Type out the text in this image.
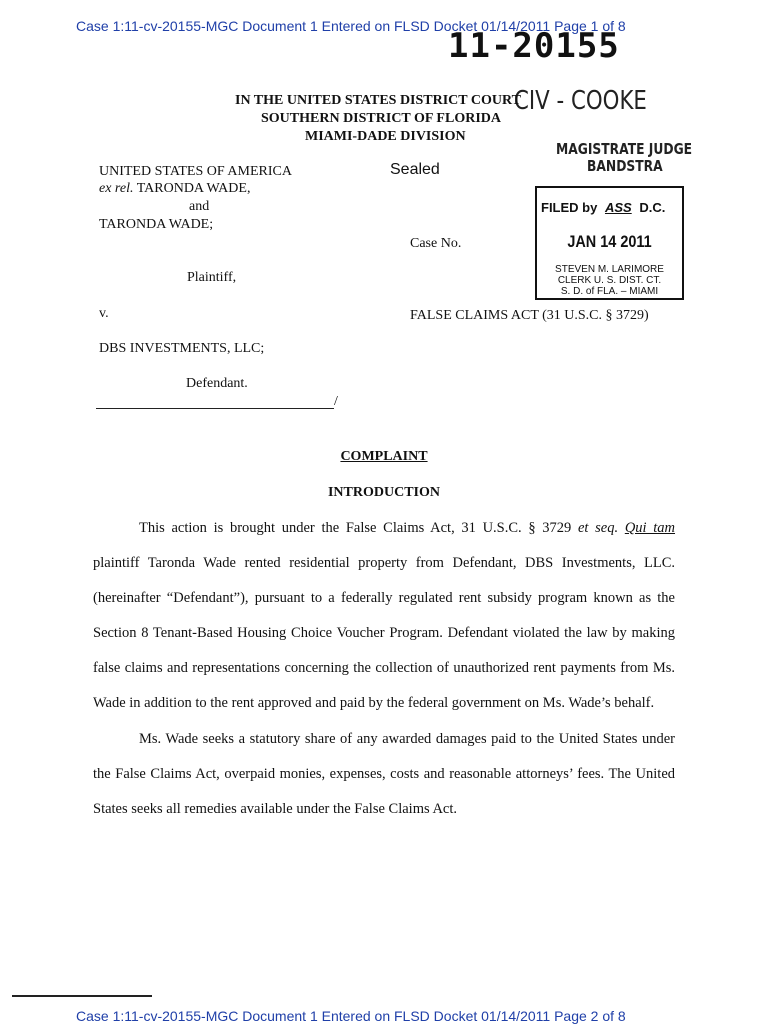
Case 1:11-cv-20155-MGC Document 1 Entered on FLSD Docket 01/14/2011 Page 1 of 8
11-20155
CIV - COOKE
MAGISTRATE JUDGE
BANDSTRA
IN THE UNITED STATES DISTRICT COURT
SOUTHERN DISTRICT OF FLORIDA
MIAMI-DADE DIVISION
UNITED STATES OF AMERICA
ex rel. TARONDA WADE,
and
TARONDA WADE;
Plaintiff,
v.
DBS INVESTMENTS, LLC;
Defendant.
/
Sealed
Case No.
FALSE CLAIMS ACT (31 U.S.C. § 3729)
FILED by ASS D.C.
JAN 14 2011
STEVEN M. LARIMORE
CLERK U. S. DIST. CT.
S. D. of FLA. – MIAMI
COMPLAINT
INTRODUCTION

This action is brought under the False Claims Act, 31 U.S.C. § 3729 et seq. Qui tam plaintiff Taronda Wade rented residential property from Defendant, DBS Investments, LLC. (hereinafter “Defendant”), pursuant to a federally regulated rent subsidy program known as the Section 8 Tenant-Based Housing Choice Voucher Program. Defendant violated the law by making false claims and representations concerning the collection of unauthorized rent payments from Ms. Wade in addition to the rent approved and paid by the federal government on Ms. Wade’s behalf.

Ms. Wade seeks a statutory share of any awarded damages paid to the United States under the False Claims Act, overpaid monies, expenses, costs and reasonable attorneys’ fees. The United States seeks all remedies available under the False Claims Act.

Case 1:11-cv-20155-MGC Document 1 Entered on FLSD Docket 01/14/2011 Page 2 of 8
